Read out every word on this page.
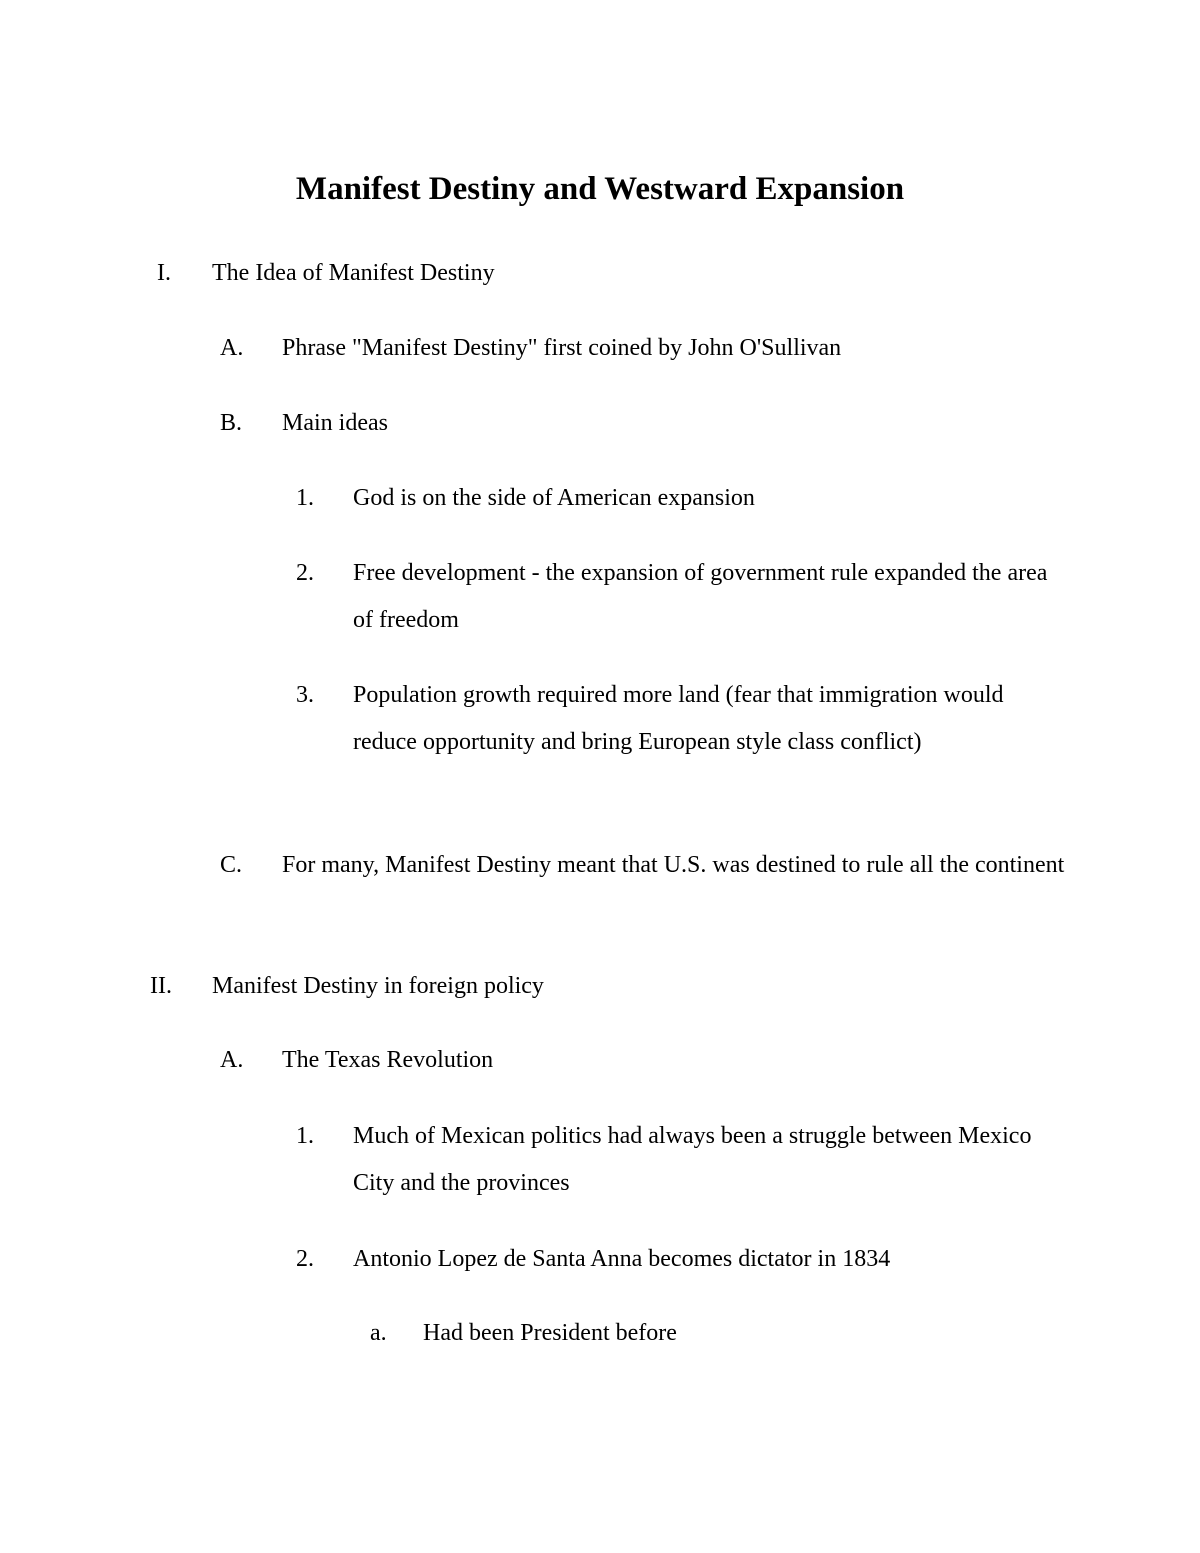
Manifest Destiny and Westward Expansion
I. The Idea of Manifest Destiny
A. Phrase "Manifest Destiny" first coined by John O'Sullivan
B. Main ideas
1. God is on the side of American expansion
2. Free development - the expansion of government rule expanded the area of freedom
3. Population growth required more land (fear that immigration would reduce opportunity and bring European style class conflict)
C. For many, Manifest Destiny meant that U.S. was destined to rule all the continent
II. Manifest Destiny in foreign policy
A. The Texas Revolution
1. Much of Mexican politics had always been a struggle between Mexico City and the provinces
2. Antonio Lopez de Santa Anna becomes dictator in 1834
a. Had been President before
